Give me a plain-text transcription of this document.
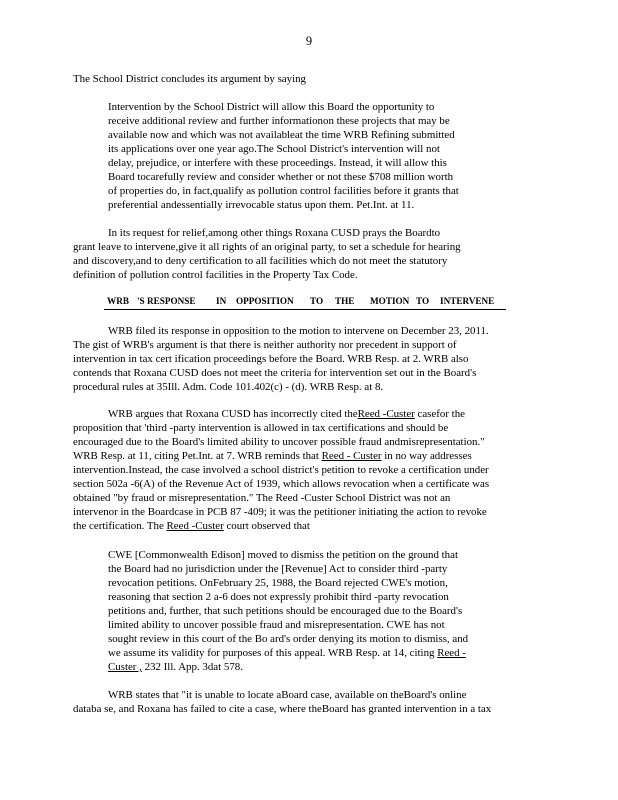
9
The School District concludes its argument by saying
Intervention by the School District will allow this Board the opportunity to
receive additional review and further informationon these projects that may be
available now and which was not availableat the time WRB Refining submitted
its applications over one year ago.The School District's intervention will not
delay, prejudice, or interfere with these proceedings. Instead, it will allow this
Board tocarefully review and consider whether or not these $708 million worth
of properties do, in fact,qualify as pollution control facilities before it grants that
preferential andessentially irrevocable status upon them. Pet.Int. at 11.
In its request for relief,among other things Roxana CUSD prays the Boardto
grant leave to intervene,give it all rights of an original party, to set a schedule for hearing
and discovery,and to deny certification to all facilities which do not meet the statutory
definition of pollution control facilities in the Property Tax Code.
WRB 'S RESPONSE IN OPPOSITION TO THE MOTION TO INTERVENE
WRB filed its response in opposition to the motion to intervene on December 23, 2011.
The gist of WRB's argument is that there is neither authority nor precedent in support of
intervention in tax cert ification proceedings before the Board. WRB Resp. at 2. WRB also
contends that Roxana CUSD does not meet the criteria for intervention set out in the Board's
procedural rules at 35Ill. Adm. Code 101.402(c) - (d). WRB Resp. at 8.
WRB argues that Roxana CUSD has incorrectly cited theReed -Custer casefor the
proposition that 'third -party intervention is allowed in tax certifications and should be
encouraged due to the Board's limited ability to uncover possible fraud andmisrepresentation."
WRB Resp. at 11, citing Pet.Int. at 7. WRB reminds that Reed - Custer in no way addresses
intervention.Instead, the case involved a school district's petition to revoke a certification under
section 502a -6(A) of the Revenue Act of 1939, which allows revocation when a certificate was
obtained "by fraud or misrepresentation." The Reed -Custer School District was not an
intervenor in the Boardcase in PCB 87 -409; it was the petitioner initiating the action to revoke
the certification. The Reed -Custer court observed that
CWE [Commonwealth Edison] moved to dismiss the petition on the ground that
the Board had no jurisdiction under the [Revenue] Act to consider third -party
revocation petitions. OnFebruary 25, 1988, the Board rejected CWE's motion,
reasoning that section 2 a-6 does not expressly prohibit third -party revocation
petitions and, further, that such petitions should be encouraged due to the Board's
limited ability to uncover possible fraud and misrepresentation. CWE has not
sought review in this court of the Bo ard's order denying its motion to dismiss, and
we assume its validity for purposes of this appeal. WRB Resp. at 14, citing Reed -
Custer , 232 Ill. App. 3dat 578.
WRB states that "it is unable to locate aBoard case, available on theBoard's online
databa se, and Roxana has failed to cite a case, where theBoard has granted intervention in a tax
